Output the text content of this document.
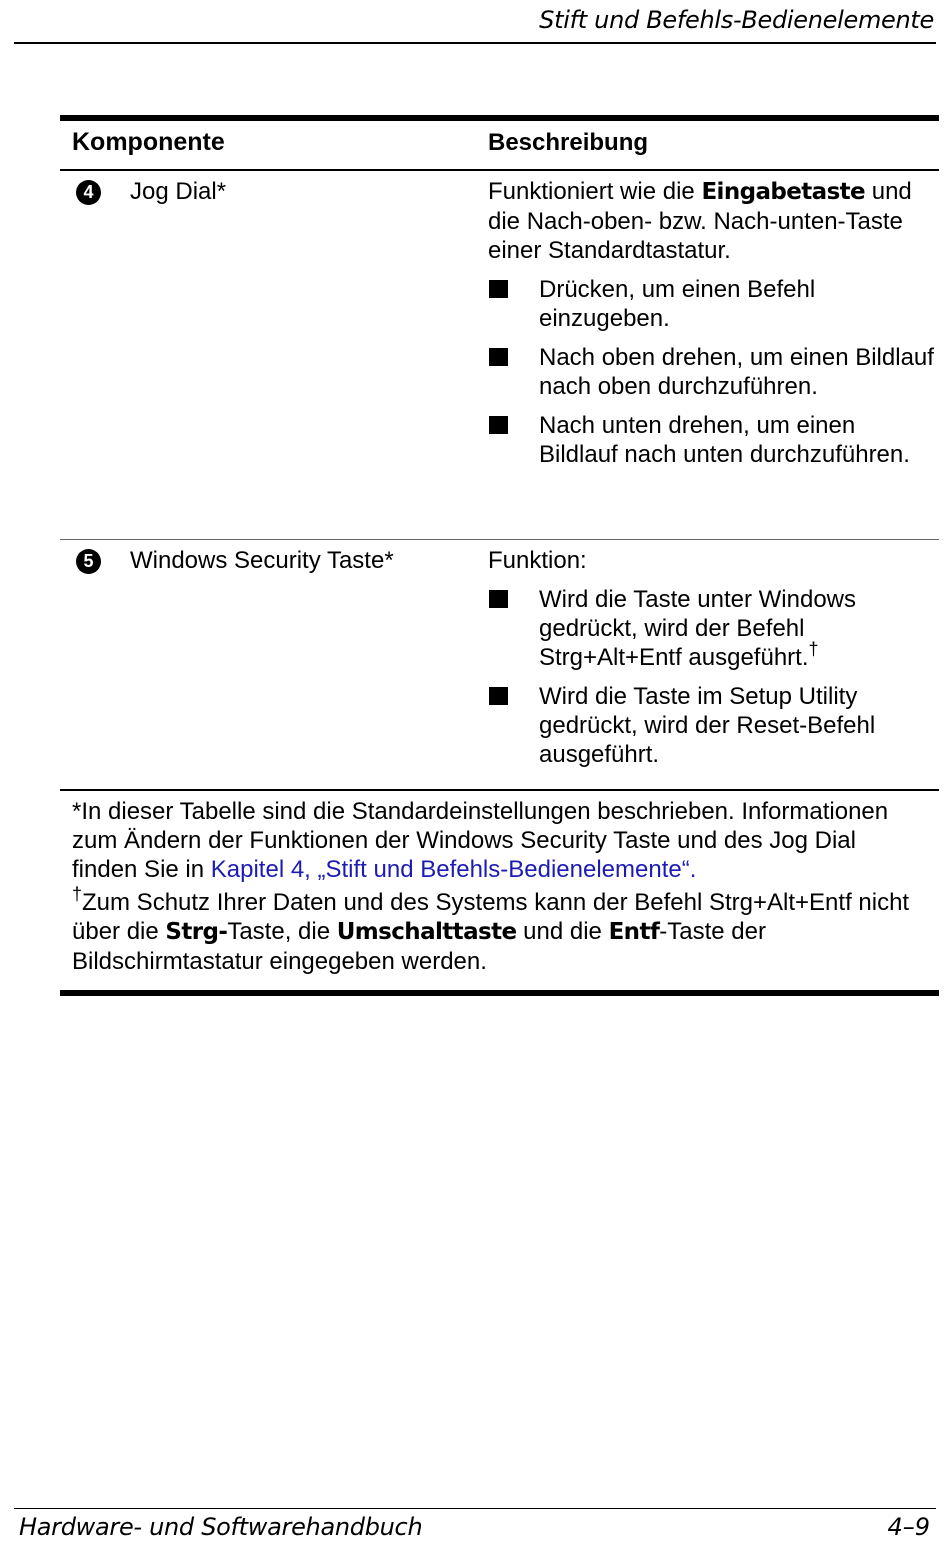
Stift und Befehls-Bedienelemente
Komponente	Beschreibung
4	Jog Dial*	Funktioniert wie die Eingabetaste und die Nach-oben- bzw. Nach-unten-Taste einer Standardtastatur.

Drücken, um einen Befehl einzugeben.
Nach oben drehen, um einen Bildlauf nach oben durchzuführen.
Nach unten drehen, um einen Bildlauf nach unten durchzuführen.
5	Windows Security Taste*	Funktion:

Wird die Taste unter Windows gedrückt, wird der Befehl Strg+Alt+Entf ausgeführt.†
Wird die Taste im Setup Utility gedrückt, wird der Reset-Befehl ausgeführt.

*In dieser Tabelle sind die Standardeinstellungen beschrieben. Informationen zum Ändern der Funktionen der Windows Security Taste und des Jog Dial finden Sie in Kapitel 4, „Stift und Befehls-Bedienelemente“.

†Zum Schutz Ihrer Daten und des Systems kann der Befehl Strg+Alt+Entf nicht über die Strg-Taste, die Umschalttaste und die Entf-Taste der Bildschirmtastatur eingegeben werden.

Hardware- und Softwarehandbuch	4–9
